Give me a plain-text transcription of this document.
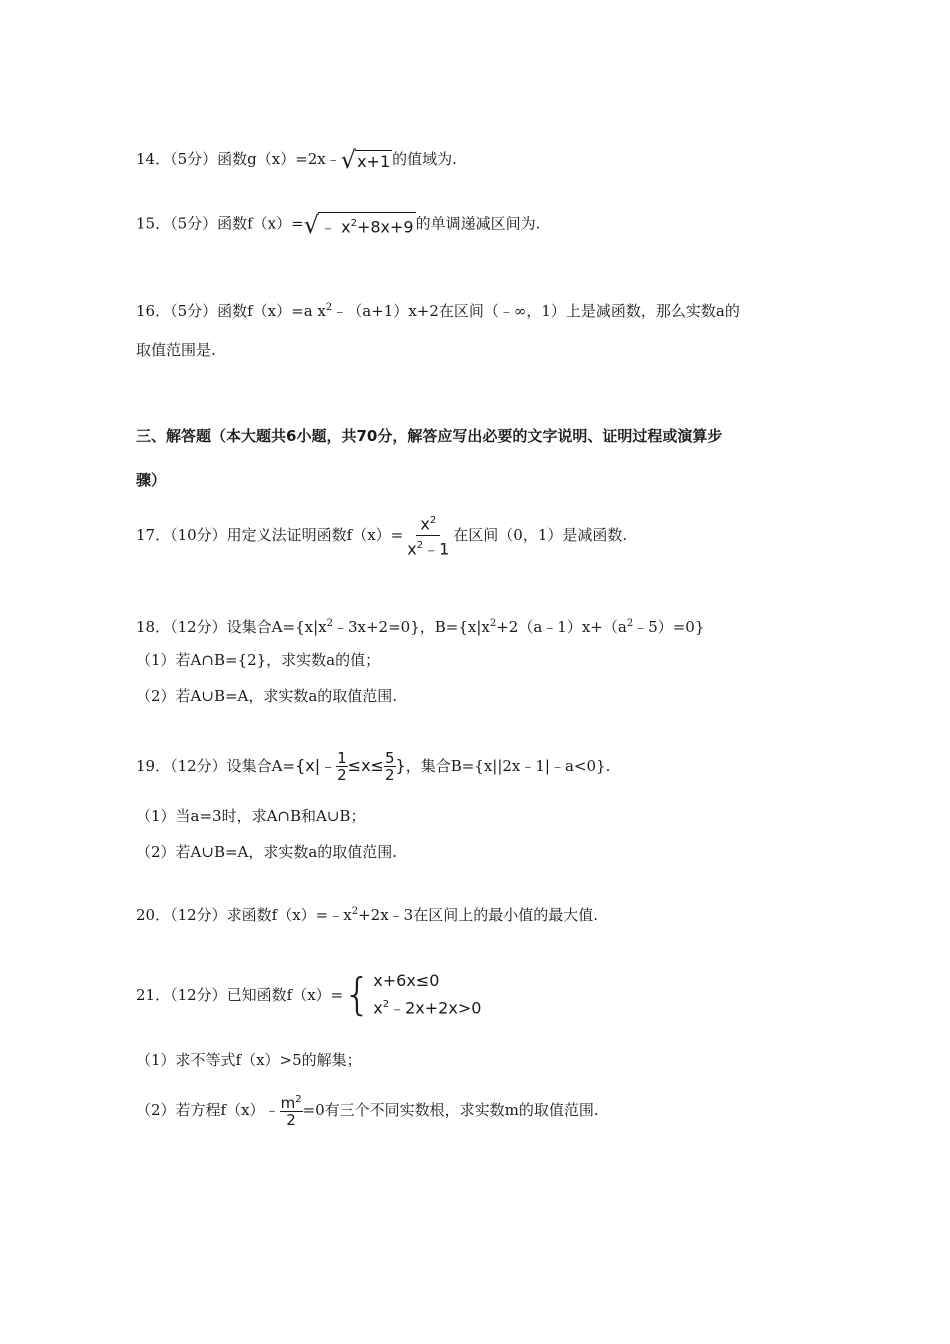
14．（5分）函数g（x）=2x﹣ √ x+1 的值域为.
15．（5分）函数f（x）= √ ﹣ $x^2+8x+9$ 的单调递减区间为.
16．（5分）函数f（x）=a $x^2﹣(a+1)x+2$在区间（﹣∞，1）上是减函数，那么实数a的
取值范围是.
三、解答题（本大题共6小题，共70分，解答应写出必要的文字说明、证明过程或演算步
骤）
17．（10分）用定义法证明函数$f(x)= \frac{x^2}{x^2﹣1}$ 在区间（0，1）是减函数.
18．（12分）设集合$A=\{x|x^2﹣3x+2=0\}$，$B=\{x|x^2+2(a﹣1)x+(a^2﹣5)=0\}$
（1）若A∩B={2}，求实数a的值；
（2）若A∪B=A，求实数a的取值范围.
19．（12分）设集合A= {x|﹣ $\frac{1}{2} \le x\le \frac{5}{2}$ } ，集合B={x||2x﹣1|﹣a<0}.
（1）当a=3时，求A∩B和A∪B；
（2）若A∪B=A，求实数a的取值范围.
20．（12分）求函数$f(x)=﹣x^2+2x﹣3$在区间上的最小值的最大值.
21．（12分）已知函数f（x）= { x+6x≤0
$x^2﹣2x+2x>0$
（1）求不等式f（x）>5的解集；
（2）若方程f（x）﹣ $\frac{m^2}{2} =0$有三个不同实数根，求实数m的取值范围.
